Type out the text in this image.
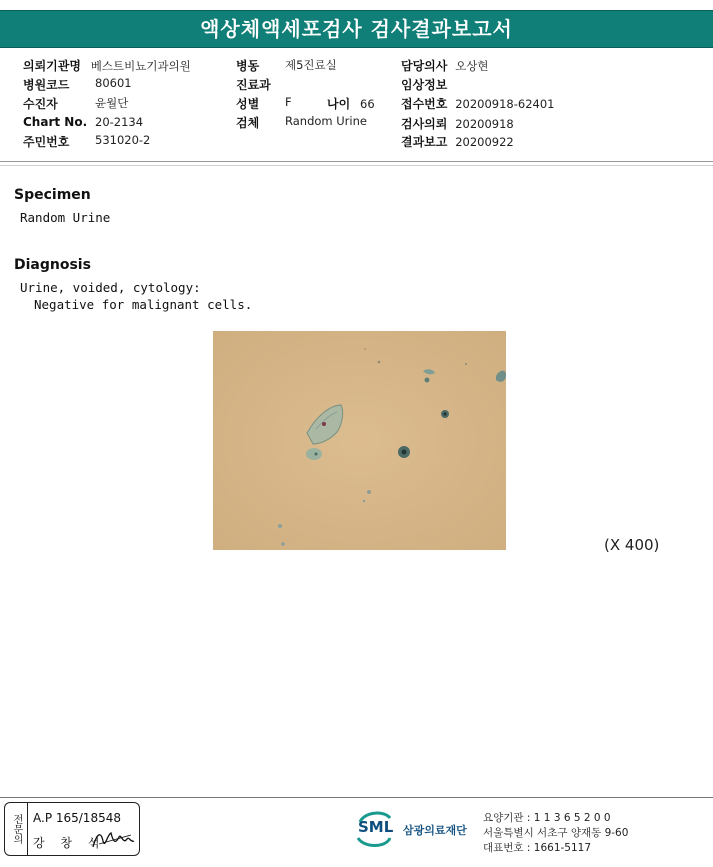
액상체액세포검사 검사결과보고서
의뢰기관명 베스트비뇨기과의원
병원코드 80601
수진자	윤월단
Chart No. 20-2134
주민번호 531020-2
병동 제5진료실
진료과
성별 F	나이 66
검체 Random Urine
담당의사 오상현
임상정보
접수번호 20200918-62401
검사의뢰 20200918
결과보고 20200922
Specimen
Random Urine
Diagnosis
Urine, voided, cytology:
Negative for malignant cells.
(X 400)
전문의 A.P 165/18548
강 창 석
SML 삼광의료재단
요양기관 : 1 1 3 6 5 2 0 0
서울특별시 서초구 양재동 9-60
대표번호 : 1661-5117
